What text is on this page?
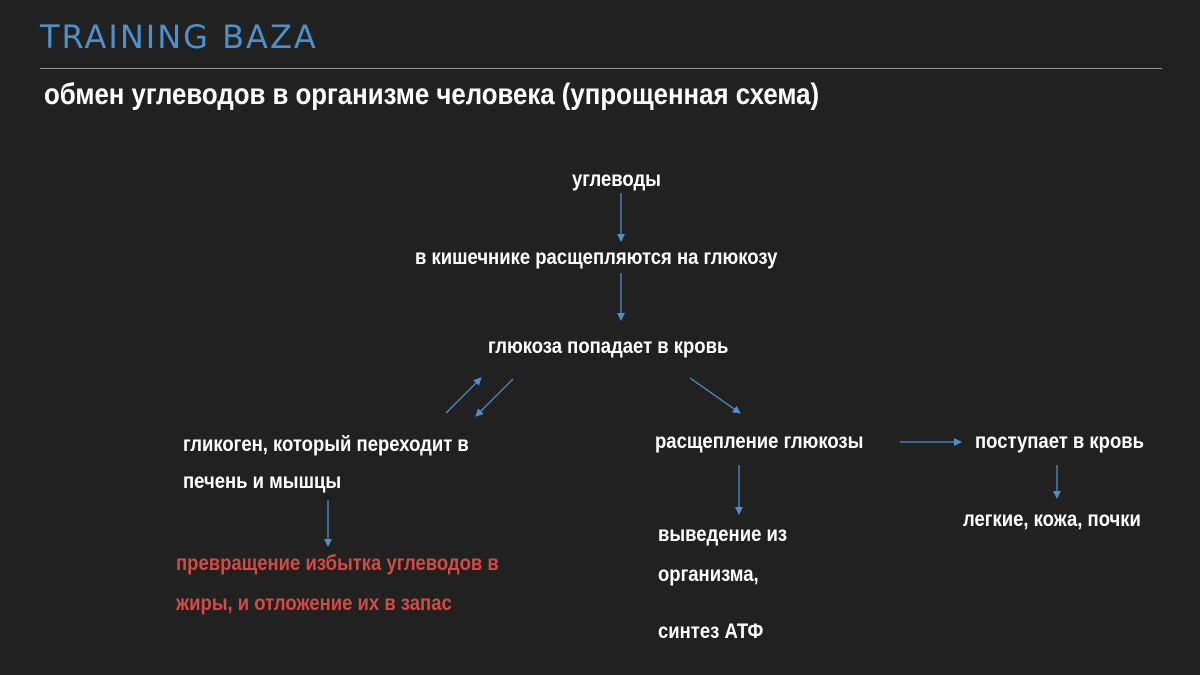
TRAINING BAZA
обмен углеводов в организме человека (упрощенная схема)
углеводы
в кишечнике расщепляются на глюкозу
глюкоза попадает в кровь
гликоген, который переходит в
печень и мышцы
превращение избытка углеводов в
жиры, и отложение их в запас
расщепление глюкозы	поступает в кровь
легкие, кожа, почки
выведение из
организма,
синтез АТФ
